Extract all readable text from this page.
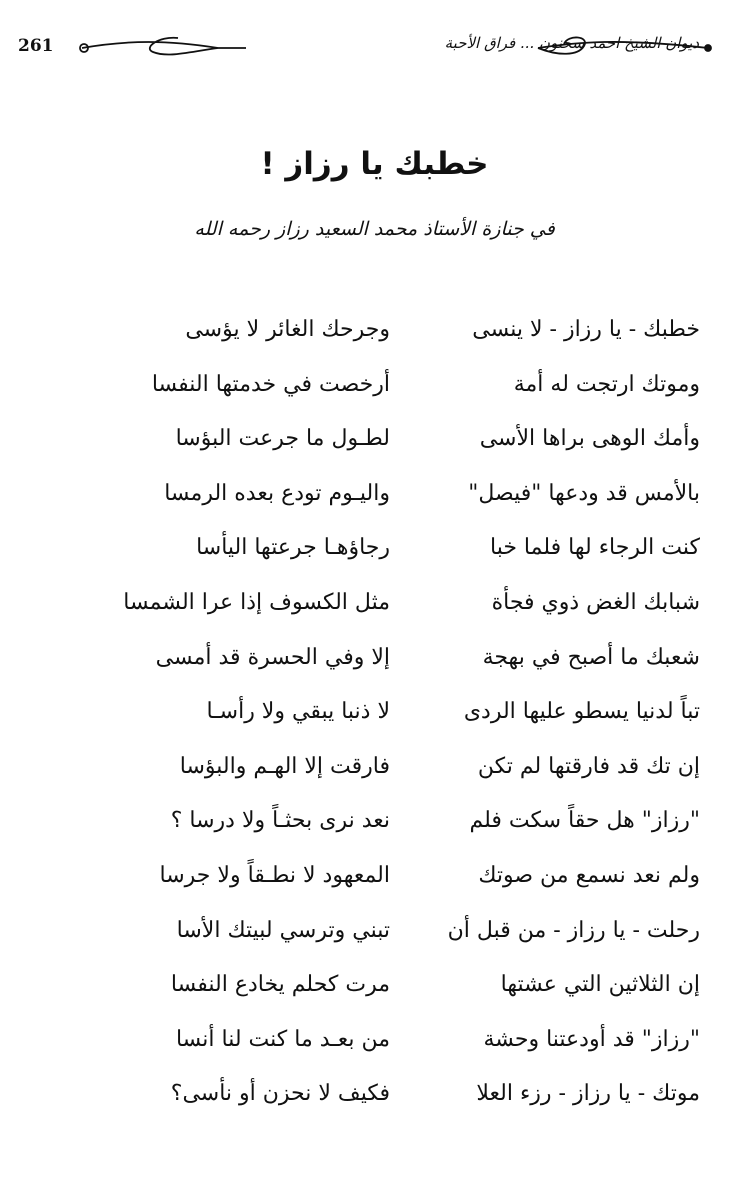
261	ديوان الشيخ احمد سحنون ... فراق الأحبة
خطبك يا رزاز !

في جنازة الأستاذ محمد السعيد رزاز رحمه الله

خطبك - يا رزاز - لا ينسى
وجرحك الغائر لا يؤسى
وموتك ارتجت له أمة
أرخصت في خدمتها النفسا
وأمك الوهى براها الأسى
لطـول ما جرعت البؤسا
بالأمس قد ودعها "فيصل"
واليـوم تودع بعده الرمسا
كنت الرجاء لها فلما خبا
رجاؤهـا جرعتها اليأسا
شبابك الغض ذوي فجأة
مثل الكسوف إذا عرا الشمسا
شعبك ما أصبح في بهجة
إلا وفي الحسرة قد أمسى
تباً لدنيا يسطو عليها الردى
لا ذنبا يبقي ولا رأسـا
إن تك قد فارقتها لم تكن
فارقت إلا الهـم والبؤسا
"رزاز" هل حقاً سكت فلم
نعد نرى بحثـاً ولا درسا ؟
ولم نعد نسمع من صوتك
المعهود لا نطـقاً ولا جرسا
رحلت - يا رزاز - من قبل أن
تبني وترسي لبيتك الأسا
إن الثلاثين التي عشتها
مرت كحلم يخادع النفسا
"رزاز" قد أودعتنا وحشة
من بعـد ما كنت لنا أنسا
موتك - يا رزاز - رزء العلا
فكيف لا نحزن أو نأسى؟
